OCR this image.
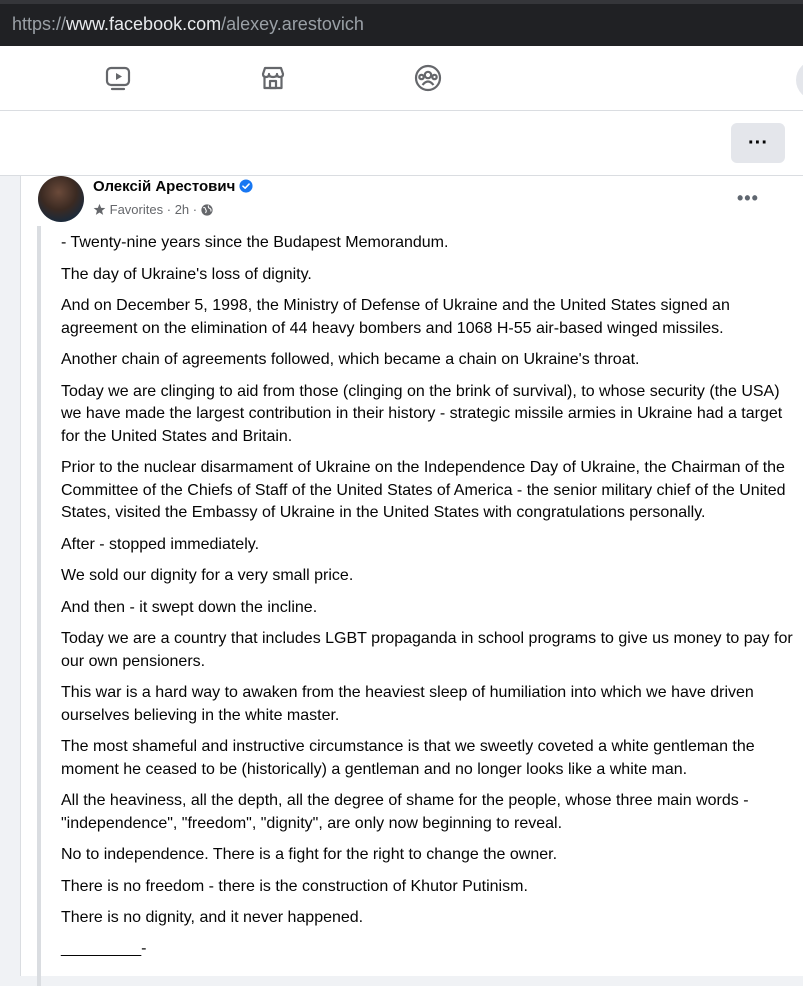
https://www.facebook.com/alexey.arestovich
···
Олексій Арестович
Favorites · 2h ·
•••

- Twenty-nine years since the Budapest Memorandum.

The day of Ukraine's loss of dignity.

And on December 5, 1998, the Ministry of Defense of Ukraine and the United States signed an agreement on the elimination of 44 heavy bombers and 1068 H-55 air-based winged missiles.

Another chain of agreements followed, which became a chain on Ukraine's throat.

Today we are clinging to aid from those (clinging on the brink of survival), to whose security (the USA) we have made the largest contribution in their history - strategic missile armies in Ukraine had a target for the United States and Britain.

Prior to the nuclear disarmament of Ukraine on the Independence Day of Ukraine, the Chairman of the Committee of the Chiefs of Staff of the United States of America - the senior military chief of the United States, visited the Embassy of Ukraine in the United States with congratulations personally.

After - stopped immediately.

We sold our dignity for a very small price.

And then - it swept down the incline.

Today we are a country that includes LGBT propaganda in school programs to give us money to pay for our own pensioners.

This war is a hard way to awaken from the heaviest sleep of humiliation into which we have driven ourselves believing in the white master.

The most shameful and instructive circumstance is that we sweetly coveted a white gentleman the moment he ceased to be (historically) a gentleman and no longer looks like a white man.

All the heaviness, all the depth, all the degree of shame for the people, whose three main words - "independence", "freedom", "dignity", are only now beginning to reveal.

No to independence. There is a fight for the right to change the owner.

There is no freedom - there is the construction of Khutor Putinism.

There is no dignity, and it never happened.

_________-
